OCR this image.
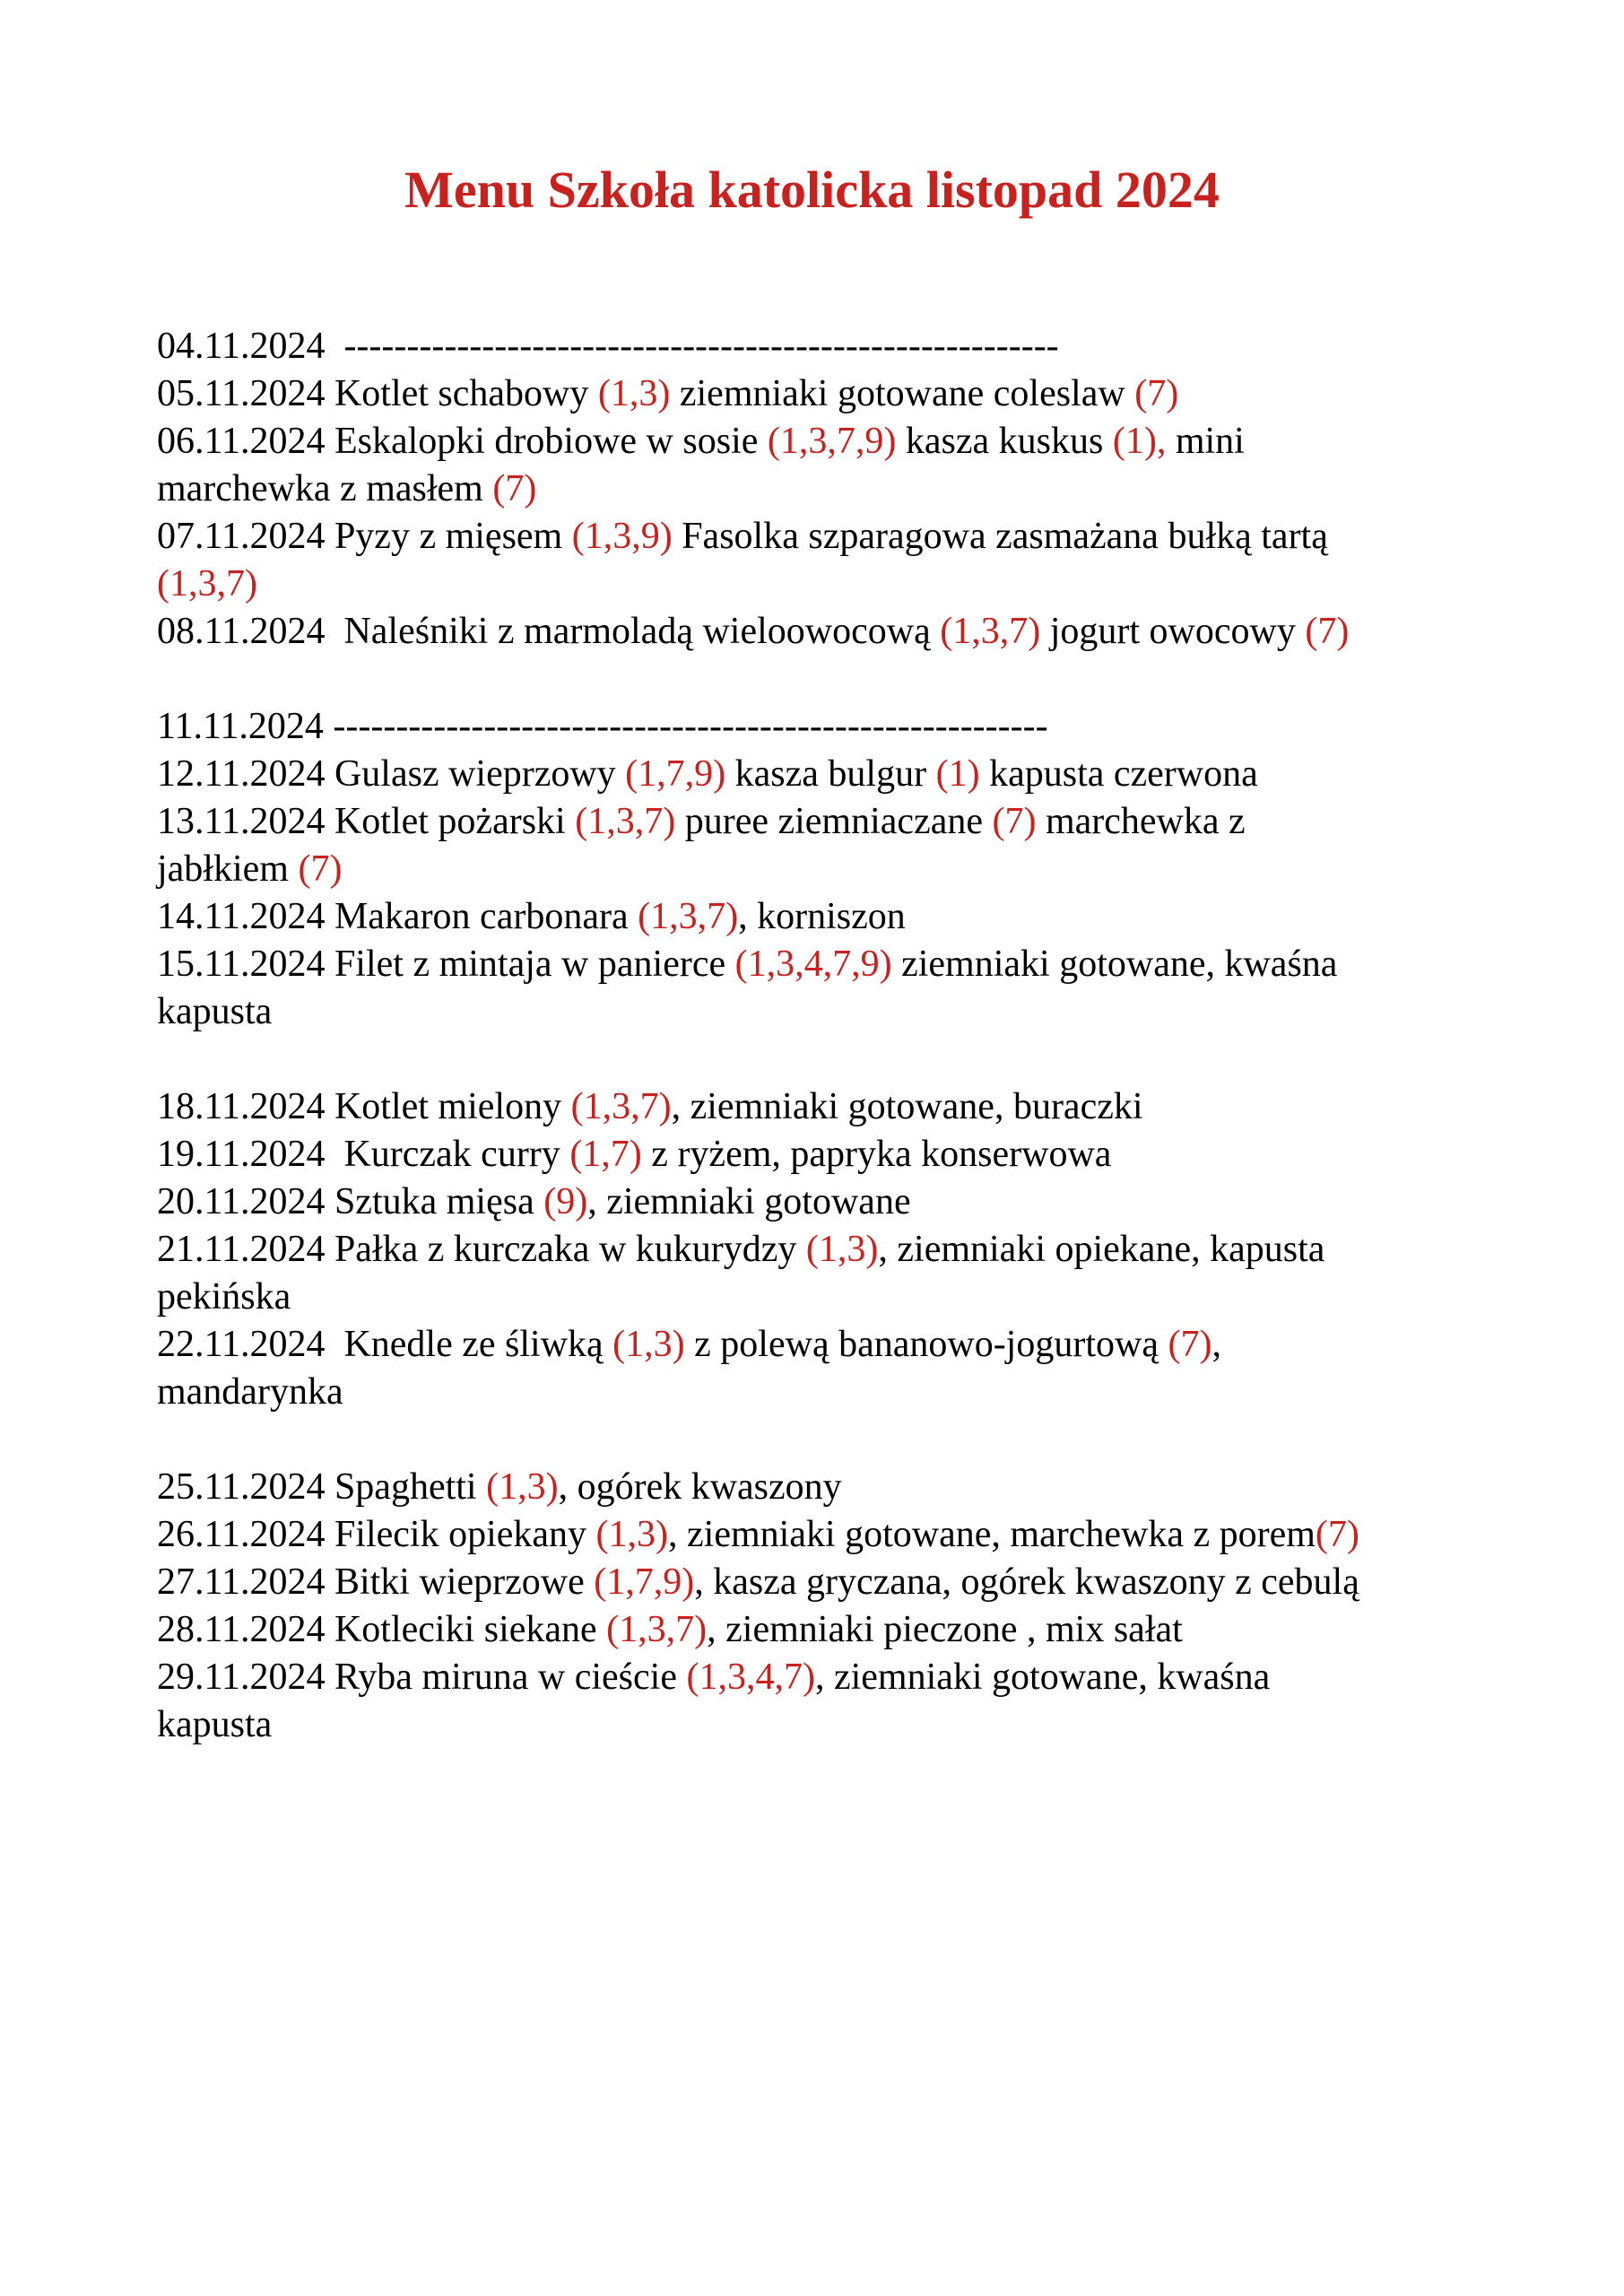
Menu Szkoła katolicka listopad 2024
04.11.2024  ---------------------------------------------------------
05.11.2024 Kotlet schabowy (1,3) ziemniaki gotowane coleslaw (7)
06.11.2024 Eskalopki drobiowe w sosie (1,3,7,9) kasza kuskus (1), mini
marchewka z masłem (7)
07.11.2024 Pyzy z mięsem (1,3,9) Fasolka szparagowa zasmażana bułką tartą
(1,3,7)
08.11.2024  Naleśniki z marmoladą wieloowocową (1,3,7) jogurt owocowy (7)
11.11.2024 ---------------------------------------------------------
12.11.2024 Gulasz wieprzowy (1,7,9) kasza bulgur (1) kapusta czerwona
13.11.2024 Kotlet pożarski (1,3,7) puree ziemniaczane (7) marchewka z
jabłkiem (7)
14.11.2024 Makaron carbonara (1,3,7), korniszon
15.11.2024 Filet z mintaja w panierce (1,3,4,7,9) ziemniaki gotowane, kwaśna
kapusta
18.11.2024 Kotlet mielony (1,3,7), ziemniaki gotowane, buraczki
19.11.2024  Kurczak curry (1,7) z ryżem, papryka konserwowa
20.11.2024 Sztuka mięsa (9), ziemniaki gotowane
21.11.2024 Pałka z kurczaka w kukurydzy (1,3), ziemniaki opiekane, kapusta
pekińska
22.11.2024  Knedle ze śliwką (1,3) z polewą bananowo-jogurtową (7),
mandarynka
25.11.2024 Spaghetti (1,3), ogórek kwaszony
26.11.2024 Filecik opiekany (1,3), ziemniaki gotowane, marchewka z porem(7)
27.11.2024 Bitki wieprzowe (1,7,9), kasza gryczana, ogórek kwaszony z cebulą
28.11.2024 Kotleciki siekane (1,3,7), ziemniaki pieczone , mix sałat
29.11.2024 Ryba miruna w cieście (1,3,4,7), ziemniaki gotowane, kwaśna
kapusta
